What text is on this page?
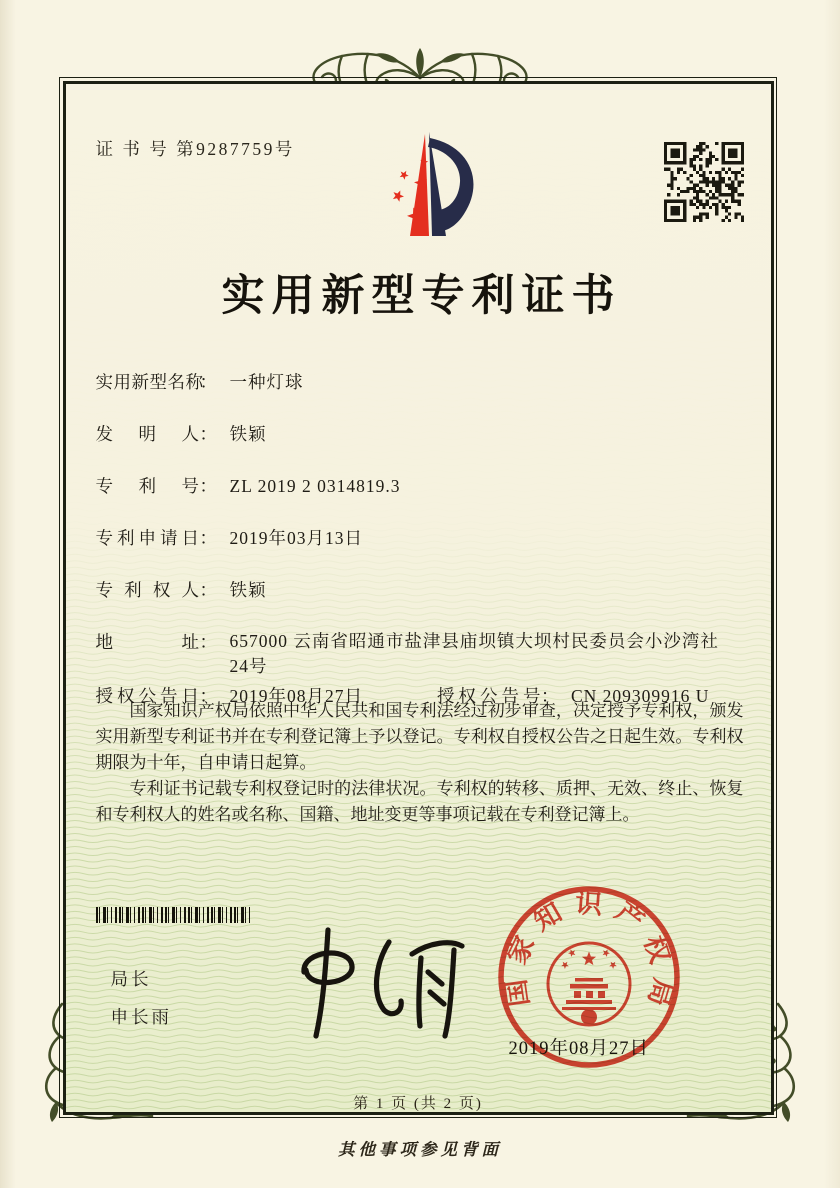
证 书 号 第9287759号
实用新型专利证书
实用新型名称： 一种灯球
发明人： 铁颖
专利号： ZL 2019 2 0314819.3
专利申请日： 2019年03月13日
专利权人： 铁颖
地址 ： 657000 云南省昭通市盐津县庙坝镇大坝村民委员会小沙湾社24号
授权公告日： 2019年08月27日	授权公告号： CN 209309916 U

国家知识产权局依照中华人民共和国专利法经过初步审查，决定授予专利权，颁发实用新型专利证书并在专利登记簿上予以登记。专利权自授权公告之日起生效。专利权期限为十年，自申请日起算。

专利证书记载专利权登记时的法律状况。专利权的转移、质押、无效、终止、恢复和专利权人的姓名或名称、国籍、地址变更等事项记载在专利登记簿上。

局长
申长雨
国家知识产权局
2019年08月27日
第 1 页 (共 2 页)
其他事项参见背面
